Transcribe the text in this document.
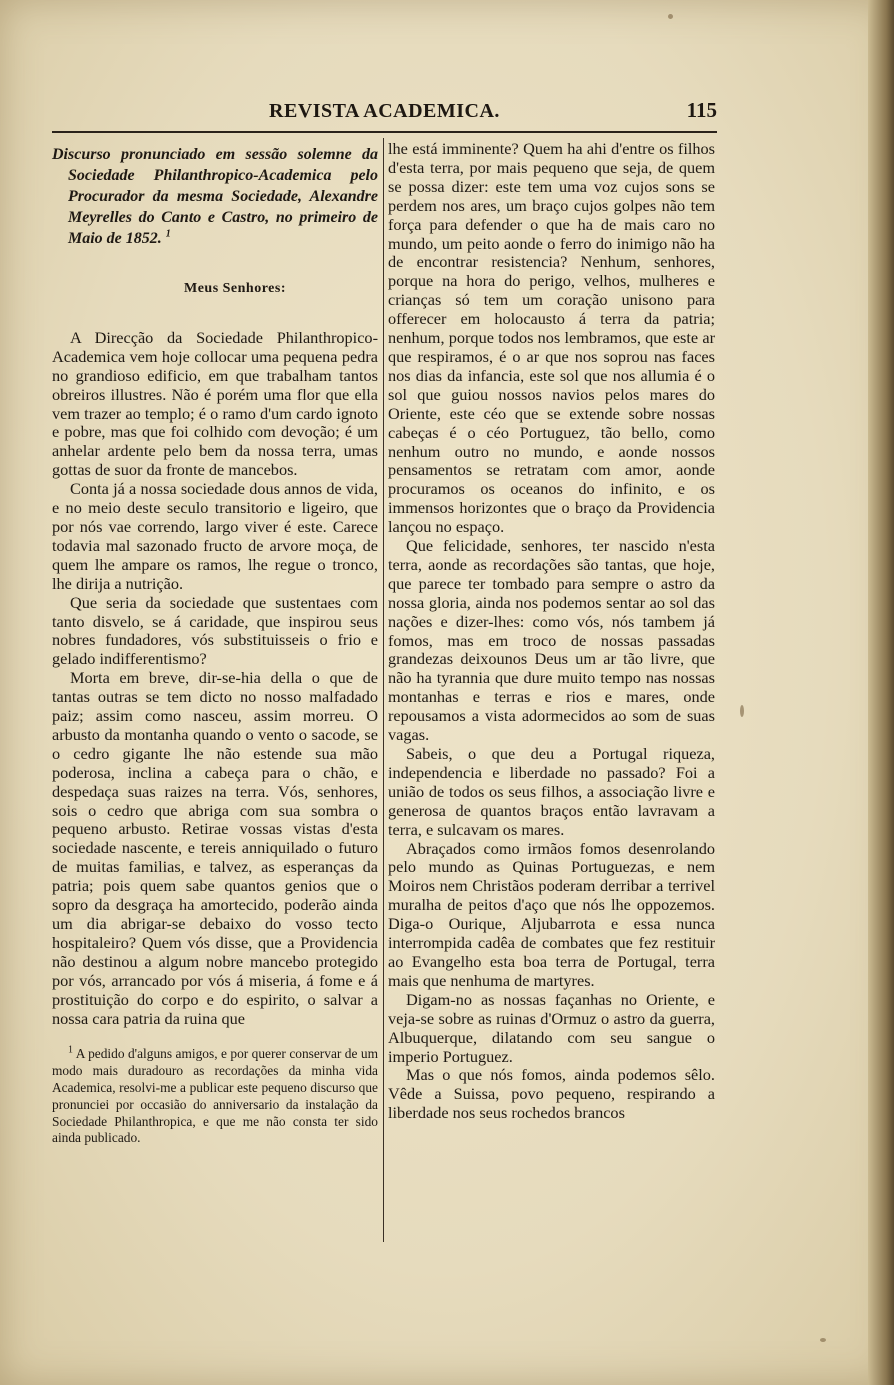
REVISTA ACADEMICA.	115
Discurso pronunciado em sessão solemne da Sociedade Philanthropico-Academica pelo Procurador da mesma Sociedade, Alexandre Meyrelles do Canto e Castro, no primeiro de Maio de 1852. $^1$
Meus Senhores:

A Direcção da Sociedade Philanthropico-Academica vem hoje collocar uma pequena pedra no grandioso edificio, em que trabalham tantos obreiros illustres. Não é porém uma flor que ella vem trazer ao templo; é o ramo d'um cardo ignoto e pobre, mas que foi colhido com devoção; é um anhelar ardente pelo bem da nossa terra, umas gottas de suor da fronte de mancebos.

Conta já a nossa sociedade dous annos de vida, e no meio deste seculo transitorio e ligeiro, que por nós vae correndo, largo viver é este. Carece todavia mal sazonado fructo de arvore moça, de quem lhe ampare os ramos, lhe regue o tronco, lhe dirija a nutrição.

Que seria da sociedade que sustentaes com tanto disvelo, se á caridade, que inspirou seus nobres fundadores, vós substituisseis o frio e gelado indifferentismo?

Morta em breve, dir-se-hia della o que de tantas outras se tem dicto no nosso malfadado paiz; assim como nasceu, assim morreu. O arbusto da montanha quando o vento o sacode, se o cedro gigante lhe não estende sua mão poderosa, inclina a cabeça para o chão, e despedaça suas raizes na terra. Vós, senhores, sois o cedro que abriga com sua sombra o pequeno arbusto. Retirae vossas vistas d'esta sociedade nascente, e tereis anniquilado o futuro de muitas familias, e talvez, as esperanças da patria; pois quem sabe quantos genios que o sopro da desgraça ha amortecido, poderão ainda um dia abrigar-se debaixo do vosso tecto hospitaleiro? Quem vós disse, que a Providencia não destinou a algum nobre mancebo protegido por vós, arrancado por vós á miseria, á fome e á prostituição do corpo e do espirito, o salvar a nossa cara patria da ruina que

$^1$ A pedido d'alguns amigos, e por querer conservar de um modo mais duradouro as recordações da minha vida Academica, resolvi-me a publicar este pequeno discurso que pronunciei por occasião do anniversario da instalação da Sociedade Philanthropica, e que me não consta ter sido ainda publicado.

lhe está imminente? Quem ha ahi d'entre os filhos d'esta terra, por mais pequeno que seja, de quem se possa dizer: este tem uma voz cujos sons se perdem nos ares, um braço cujos golpes não tem força para defender o que ha de mais caro no mundo, um peito aonde o ferro do inimigo não ha de encontrar resistencia? Nenhum, senhores, porque na hora do perigo, velhos, mulheres e crianças só tem um coração unisono para offerecer em holocausto á terra da patria; nenhum, porque todos nos lembramos, que este ar que respiramos, é o ar que nos soprou nas faces nos dias da infancia, este sol que nos allumia é o sol que guiou nossos navios pelos mares do Oriente, este céo que se extende sobre nossas cabeças é o céo Portuguez, tão bello, como nenhum outro no mundo, e aonde nossos pensamentos se retratam com amor, aonde procuramos os oceanos do infinito, e os immensos horizontes que o braço da Providencia lançou no espaço.

Que felicidade, senhores, ter nascido n'esta terra, aonde as recordações são tantas, que hoje, que parece ter tombado para sempre o astro da nossa gloria, ainda nos podemos sentar ao sol das nações e dizer-lhes: como vós, nós tambem já fomos, mas em troco de nossas passadas grandezas deixounos Deus um ar tão livre, que não ha tyrannia que dure muito tempo nas nossas montanhas e terras e rios e mares, onde repousamos a vista adormecidos ao som de suas vagas.

Sabeis, o que deu a Portugal riqueza, independencia e liberdade no passado? Foi a união de todos os seus filhos, a associação livre e generosa de quantos braços então lavravam a terra, e sulcavam os mares.

Abraçados como irmãos fomos desenrolando pelo mundo as Quinas Portuguezas, e nem Moiros nem Christãos poderam derribar a terrivel muralha de peitos d'aço que nós lhe oppozemos. Diga-o Ourique, Aljubarrota e essa nunca interrompida cadêa de combates que fez restituir ao Evangelho esta boa terra de Portugal, terra mais que nenhuma de martyres.

Digam-no as nossas façanhas no Oriente, e veja-se sobre as ruinas d'Ormuz o astro da guerra, Albuquerque, dilatando com seu sangue o imperio Portuguez.

Mas o que nós fomos, ainda podemos sêlo. Vêde a Suissa, povo pequeno, respirando a liberdade nos seus rochedos brancos
